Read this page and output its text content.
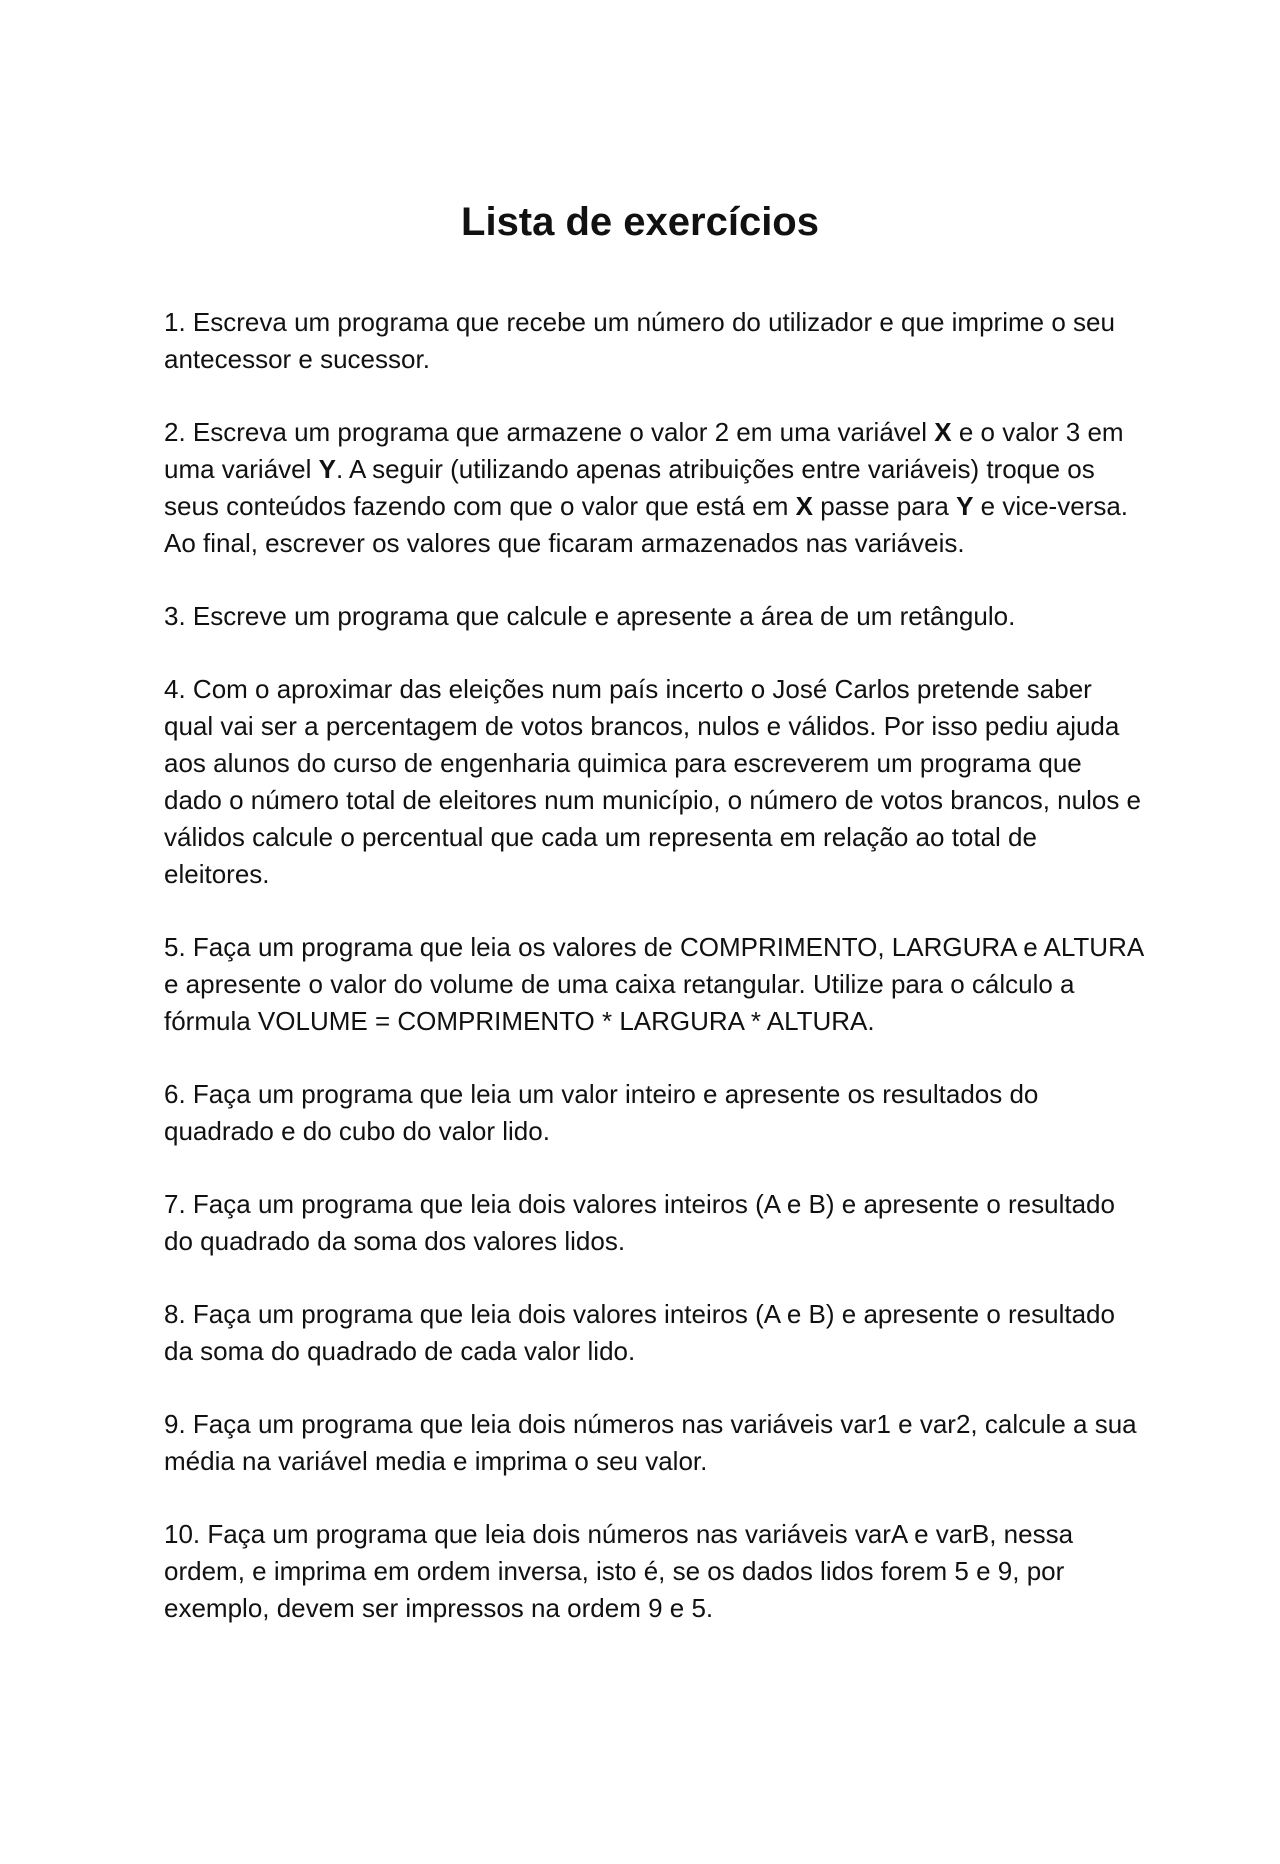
Lista de exercícios
1. Escreva um programa que recebe um número do utilizador e que imprime o seu antecessor e sucessor.
2. Escreva um programa que armazene o valor 2 em uma variável X e o valor 3 em uma variável Y. A seguir (utilizando apenas atribuições entre variáveis) troque os seus conteúdos fazendo com que o valor que está em X passe para Y e vice-versa. Ao final, escrever os valores que ficaram armazenados nas variáveis.
3. Escreve um programa que calcule e apresente a área de um retângulo.
4. Com o aproximar das eleições num país incerto o José Carlos pretende saber qual vai ser a percentagem de votos brancos, nulos e válidos. Por isso pediu ajuda aos alunos do curso de engenharia quimica para escreverem um programa que dado o número total de eleitores num município, o número de votos brancos, nulos e válidos calcule o percentual que cada um representa em relação ao total de eleitores.
5. Faça um programa que leia os valores de COMPRIMENTO, LARGURA e ALTURA e apresente o valor do volume de uma caixa retangular. Utilize para o cálculo a fórmula VOLUME = COMPRIMENTO * LARGURA * ALTURA.
6. Faça um programa que leia um valor inteiro e apresente os resultados do quadrado e do cubo do valor lido.
7. Faça um programa que leia dois valores inteiros (A e B) e apresente o resultado do quadrado da soma dos valores lidos.
8. Faça um programa que leia dois valores inteiros (A e B) e apresente o resultado da soma do quadrado de cada valor lido.
9. Faça um programa que leia dois números nas variáveis var1 e var2, calcule a sua média na variável media e imprima o seu valor.
10. Faça um programa que leia dois números nas variáveis varA e varB, nessa ordem, e imprima em ordem inversa, isto é, se os dados lidos forem 5 e 9, por exemplo, devem ser impressos na ordem 9 e 5.
